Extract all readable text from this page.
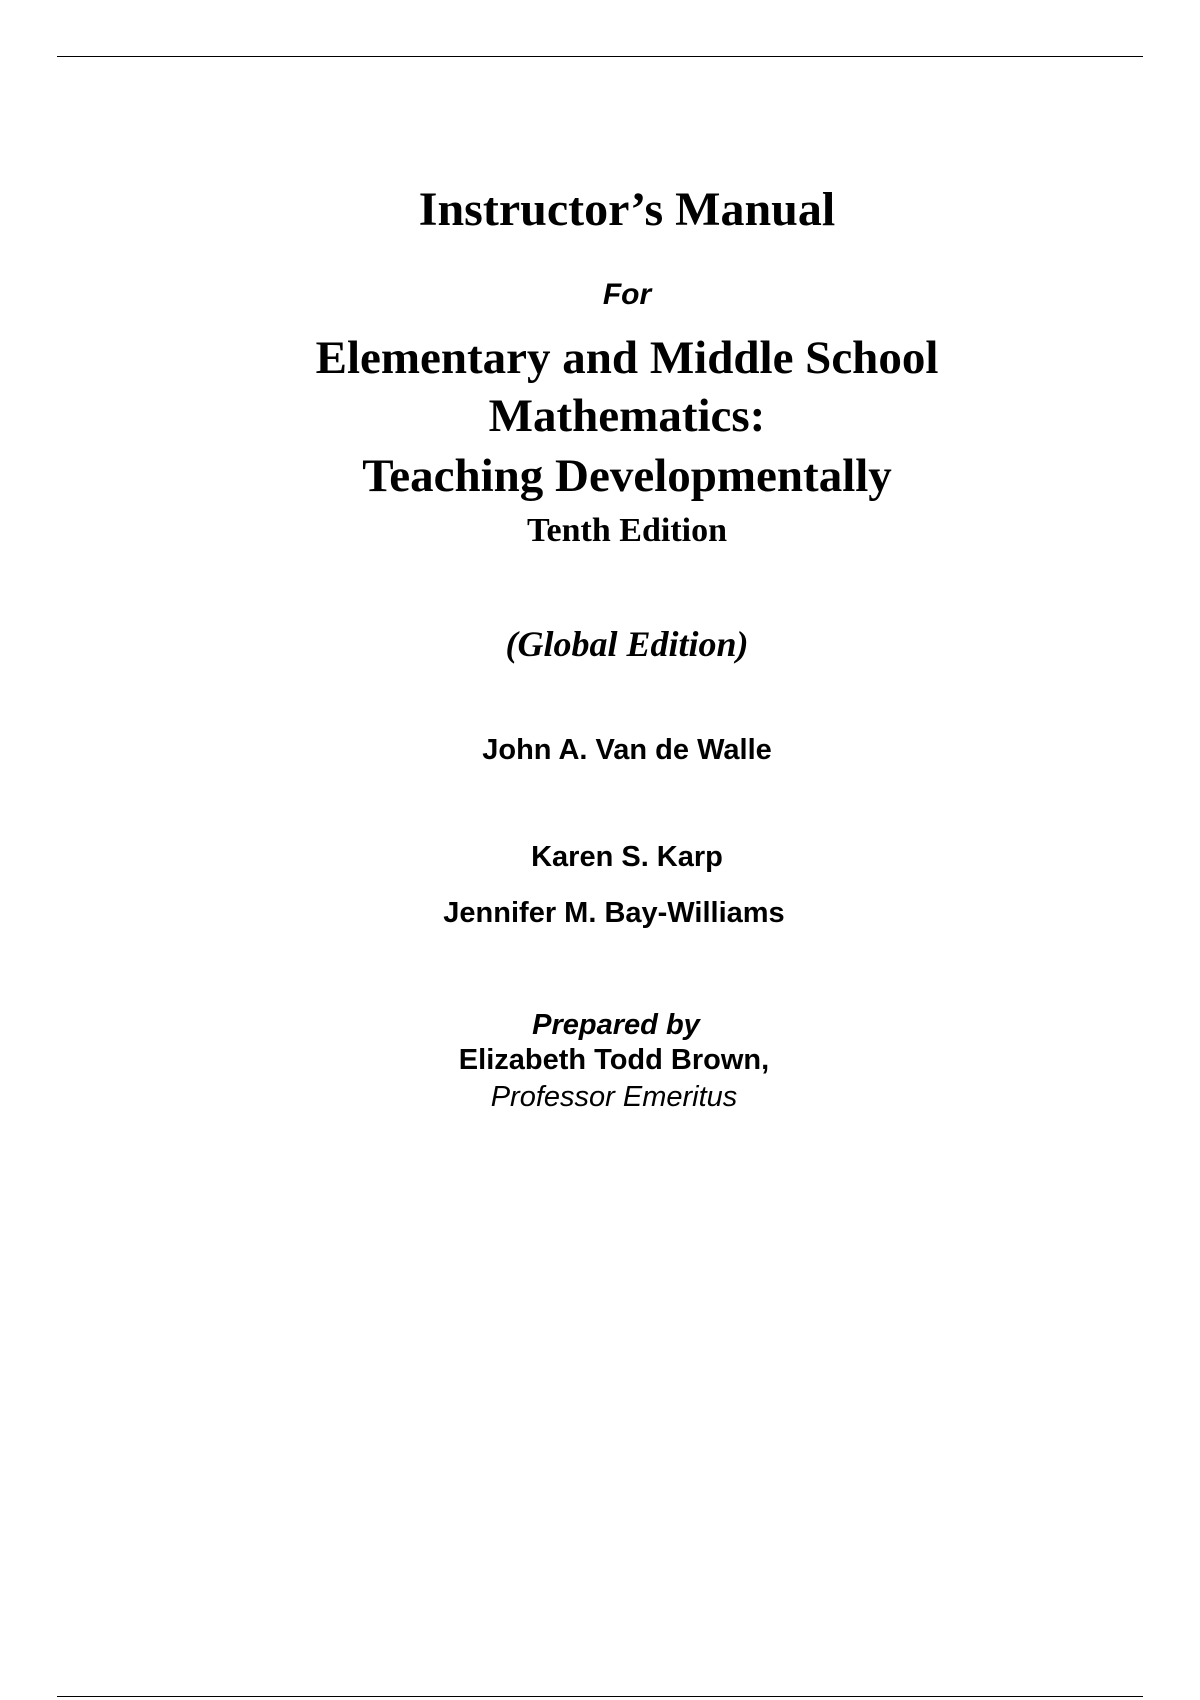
Instructor’s Manual
For
Elementary and Middle School
Mathematics:
Teaching Developmentally
Tenth Edition
(Global Edition)
John A. Van de Walle
Karen S. Karp
Jennifer M. Bay-Williams
Prepared by
Elizabeth Todd Brown,
Professor Emeritus
